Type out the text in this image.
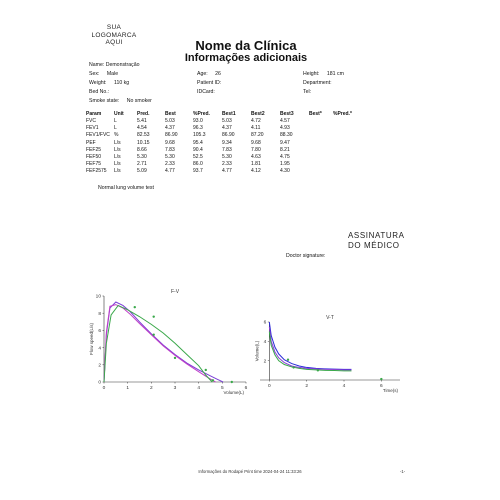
SUA
LOGOMARCA
AQUI	Nome da Clínica
Informações adicionais
Name: Demonstração
Sex: Male	Age: 26	Height: 181 cm
Weight: 110 kg	Patient ID:	Department:
Bed No.:	IDCard:	Tel:
Smoke state: No smoker
Param	Unit	Pred.	Best	%Pred.	Best1	Best2	Best3	Best*	%Pred.*
FVC	L	5.41	5.03	93.0	5.03	4.72	4.57		
FEV1	L	4.54	4.37	96.3	4.37	4.11	4.93		
FEV1/FVC	%	82.53	86.90	105.3	86.90	87.20	88.30		
PEF	L/s	10.15	9.68	95.4	9.34	9.68	9.47		
FEF25	L/s	8.66	7.83	90.4	7.83	7.80	8.21		
FEF50	L/s	5.30	5.30	52.5	5.30	4.63	4.75		
FEF75	L/s	2.71	2.33	86.0	2.33	1.81	1.95		
FEF2575	L/s	5.09	4.77	93.7	4.77	4.12	4.30		
Normal lung volume test
ASSINATURA
DO MÉDICO
Doctor signature:
F-V
0	1	2	3	4	5	6
0
2
4
6
8
10
Volume(L)
Flow speed(L/s)
V-T
0	2	4	6
2
4
6
Time(s)
Volume(L)
Informações do Rodapé Print time 2024-04-24 11:33:26	-1-
